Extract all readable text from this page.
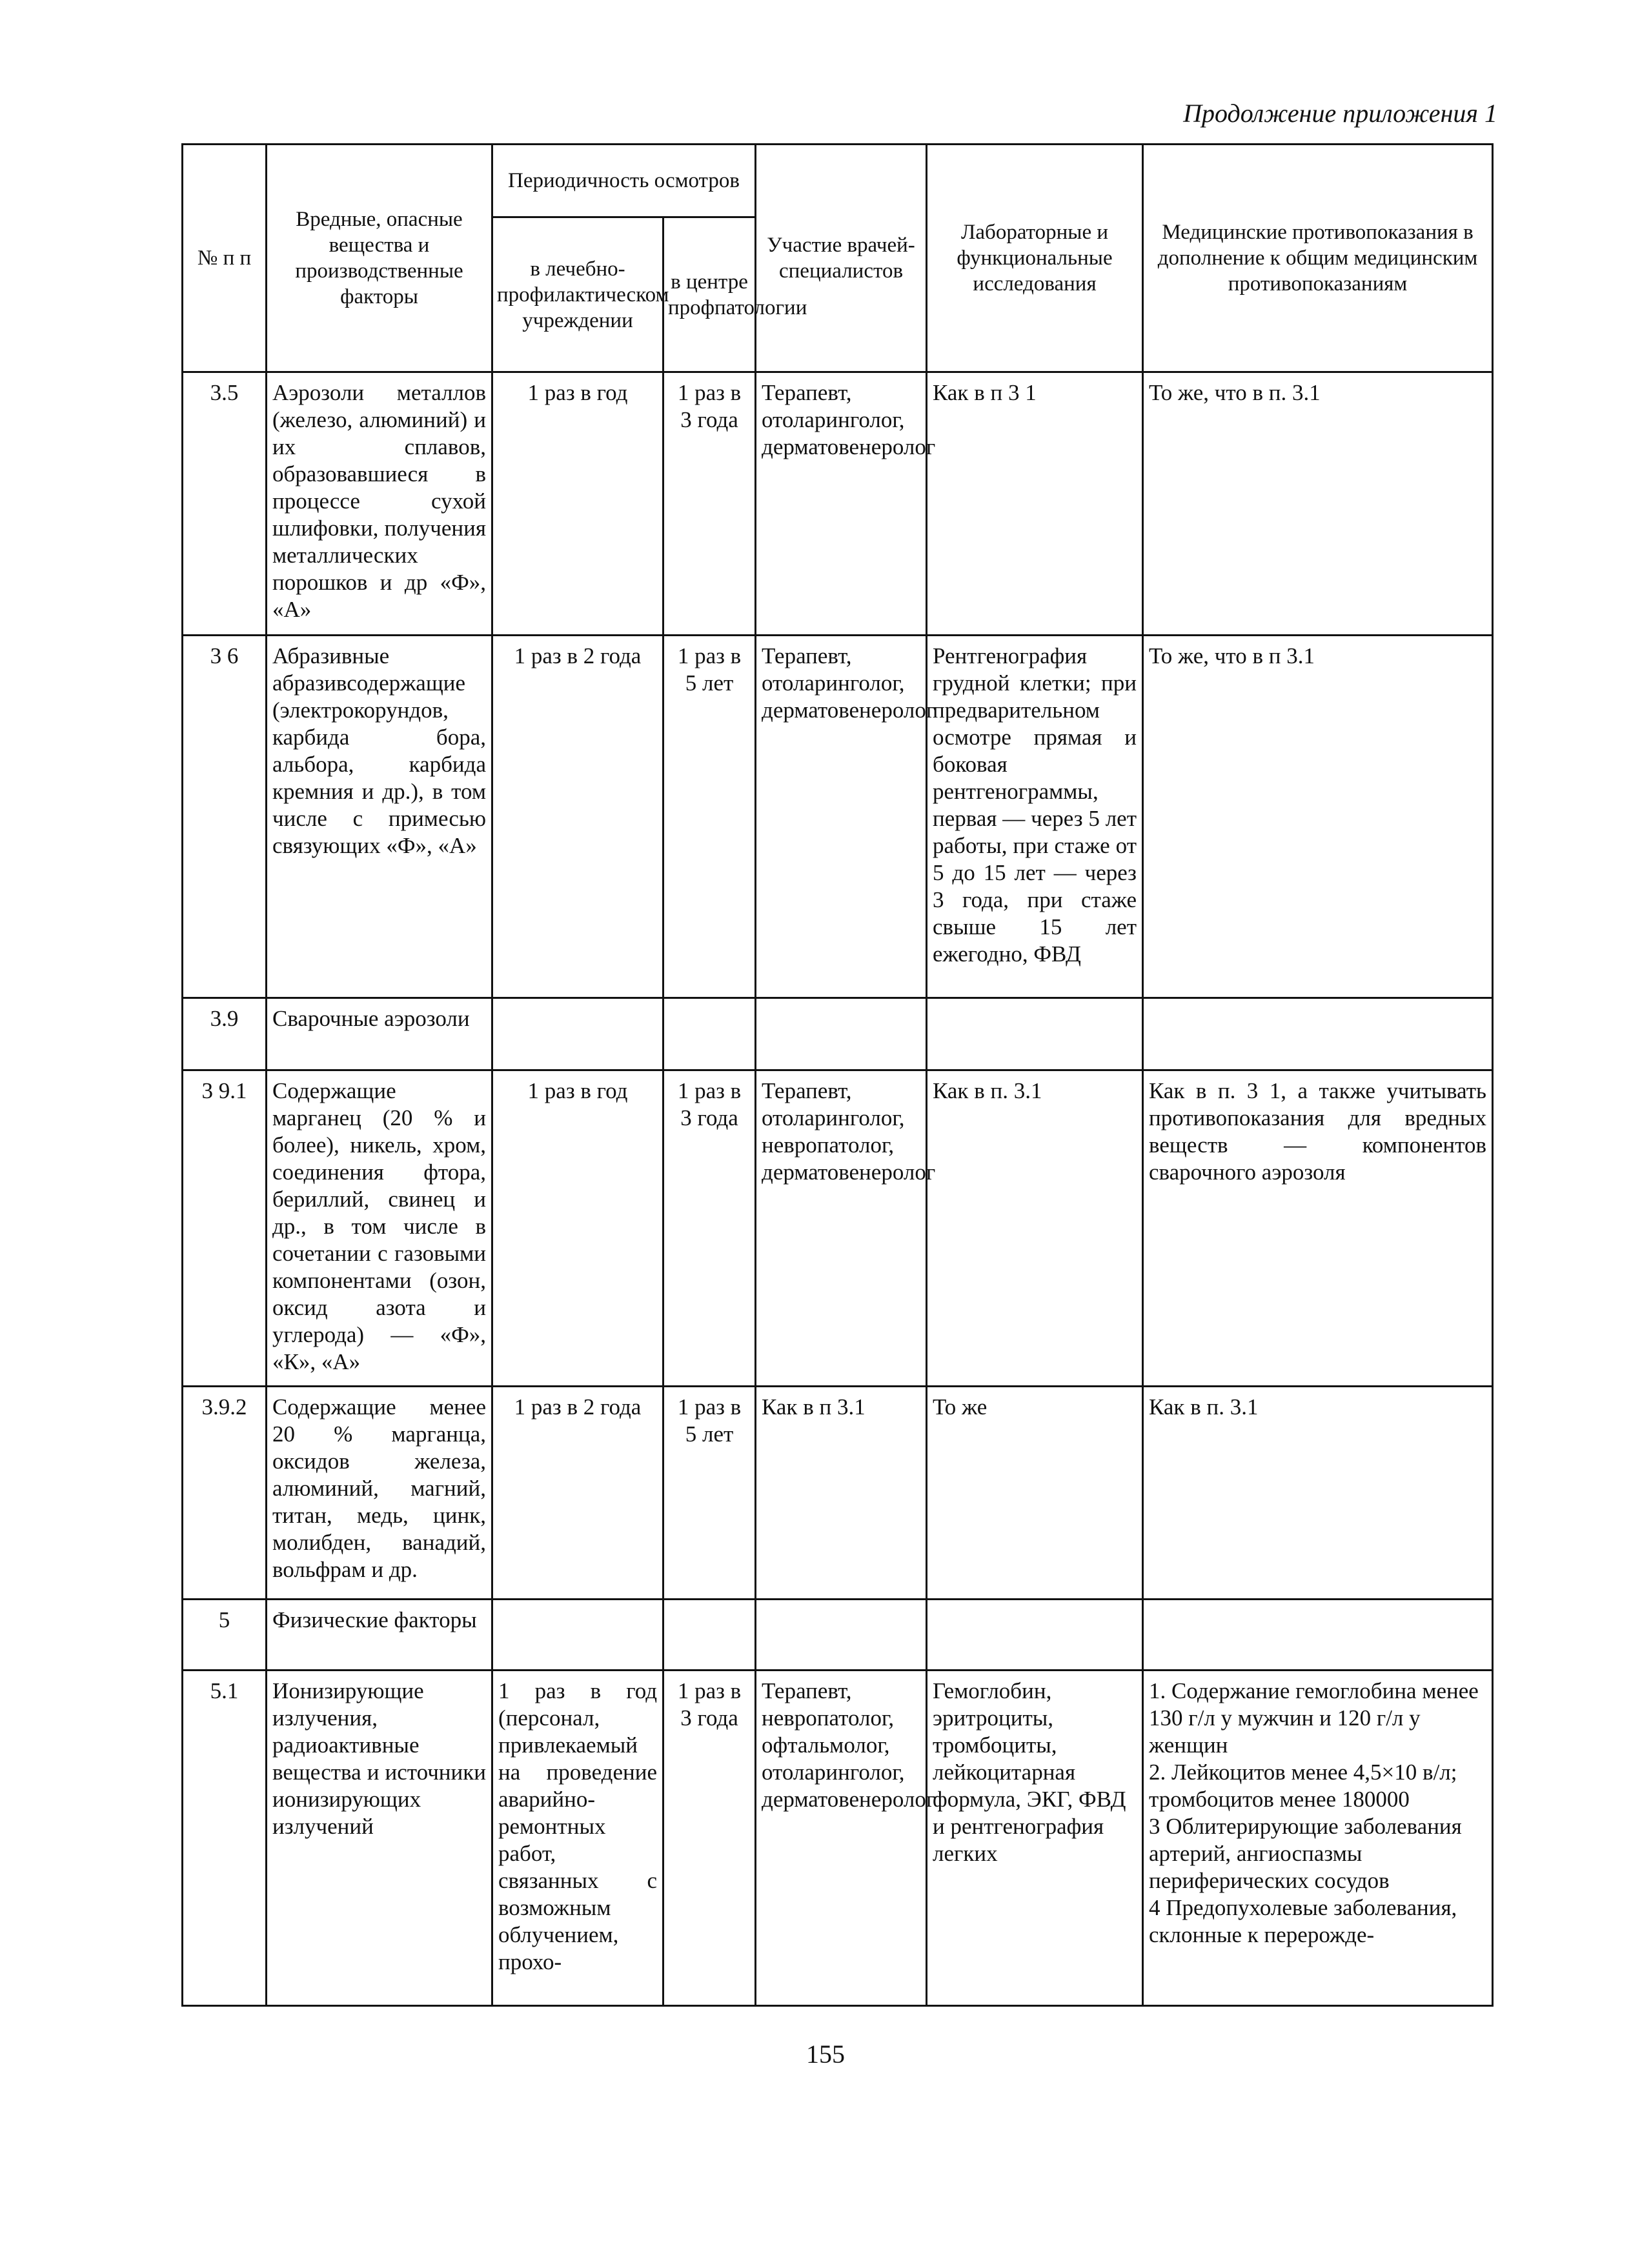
Продолжение приложения 1
№ п п	Вредные, опасные вещества и производственные факторы	Периодичность осмотров		Участие врачей-специалистов	Лабораторные и функциональные исследования	Медицинские противопоказания в дополнение к общим медицинским противопоказаниям
		в лечебно-профилактическом учреждении	в центре профпатологии			
3.5	Аэрозоли металлов (железо, алюминий) и их сплавов, образовавшиеся в процессе сухой шлифовки, получения металлических порошков и др «Ф», «А»	1 раз в год	1 раз в 3 года	Терапевт, отоларинголог, дерматовенеролог	Как в п 3 1	То же, что в п. 3.1
3 6	Абразивные абразивсодержащие (электрокорундов, карбида бора, альбора, карбида кремния и др.), в том числе с примесью связующих «Ф», «А»	1 раз в 2 года	1 раз в 5 лет	Терапевт, отоларинголог, дерматовенеролог	Рентгенография грудной клетки; при предварительном осмотре прямая и боковая рентгенограммы, первая — через 5 лет работы, при стаже от 5 до 15 лет — через 3 года, при стаже свыше 15 лет ежегодно, ФВД	То же, что в п 3.1
3.9	Сварочные аэрозоли					
3 9.1	Содержащие марганец (20 % и более), никель, хром, соединения фтора, бериллий, свинец и др., в том числе в сочетании с газовыми компонентами (озон, оксид азота и углерода) — «Ф», «К», «А»	1 раз в год	1 раз в 3 года	Терапевт, отоларинголог, невропатолог, дерматовенеролог	Как в п. 3.1	Как в п. 3 1, а также учитывать противопоказания для вредных веществ — компонентов сварочного аэрозоля
3.9.2	Содержащие менее 20 % марганца, оксидов железа, алюминий, магний, титан, медь, цинк, молибден, ванадий, вольфрам и др.	1 раз в 2 года	1 раз в 5 лет	Как в п 3.1	То же	Как в п. 3.1
5	Физические факторы					
5.1	Ионизирующие излучения, радиоактивные вещества и источники ионизирующих излучений	1 раз в год (персонал, привлекаемый на проведение аварийно-ремонтных работ, связанных с возможным облучением, прохо-	1 раз в 3 года	Терапевт, невропатолог, офтальмолог, отоларинголог, дерматовенеролог	Гемоглобин, эритроциты, тромбоциты, лейкоцитарная формула, ЭКГ, ФВД и рентгенография легких	1. Содержание гемоглобина менее 130 г/л у мужчин и 120 г/л у женщин
2. Лейкоцитов менее 4,5×10 в/л; тромбоцитов менее 180000
3 Облитерирующие заболевания артерий, ангиоспазмы периферических сосудов
4 Предопухолевые заболевания, склонные к перерожде-
155
